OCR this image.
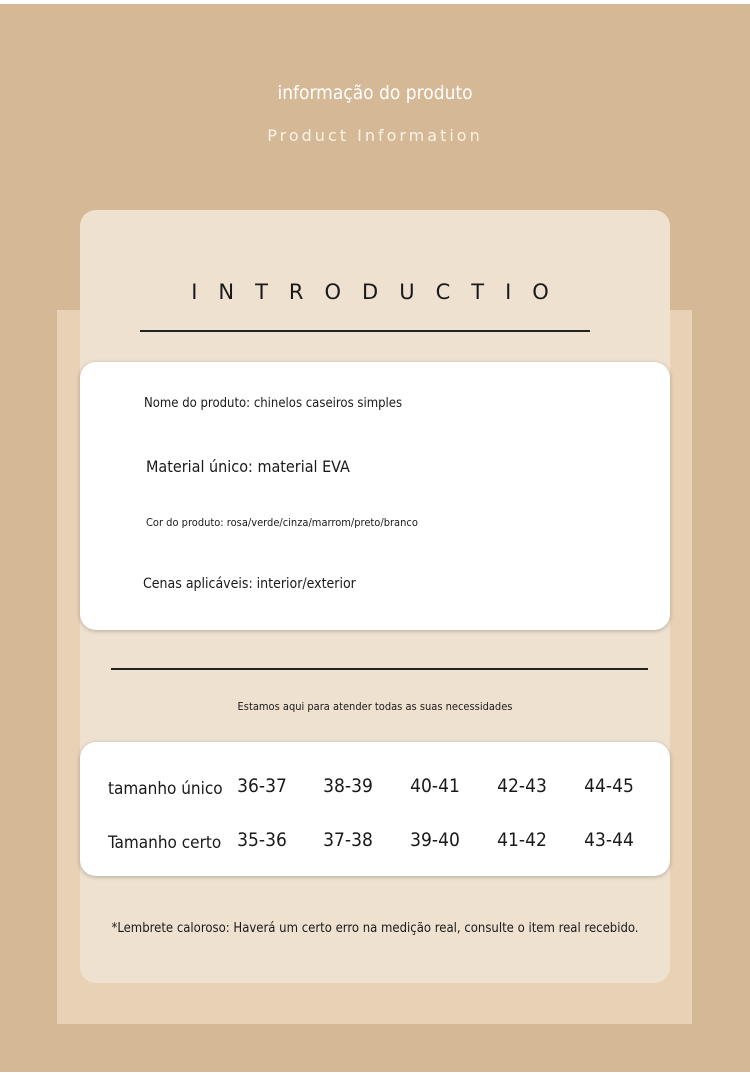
informação do produto
Product Information
INTRODUCTIO
Nome do produto: chinelos caseiros simples
Material único: material EVA
Cor do produto: rosa/verde/cinza/marrom/preto/branco
Cenas aplicáveis: interior/exterior
Estamos aqui para atender todas as suas necessidades
tamanho único 36-37	38-39	40-41	42-43	44-45
Tamanho certo 35-36	37-38	39-40	41-42	43-44
*Lembrete caloroso: Haverá um certo erro na medição real, consulte o item real recebido.
